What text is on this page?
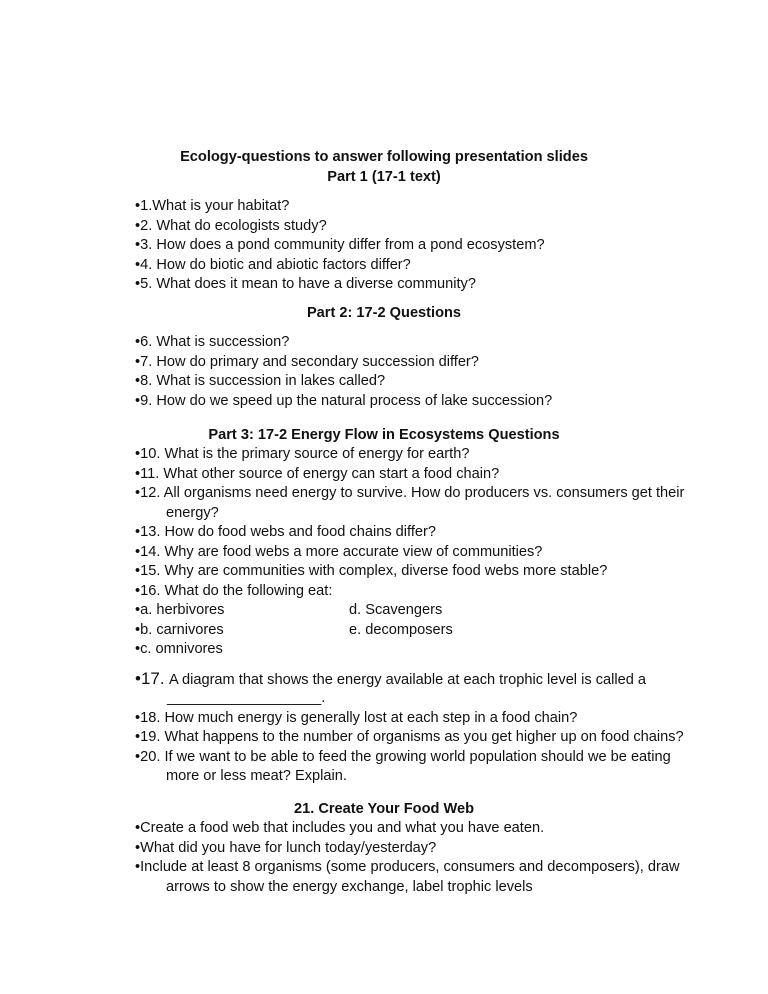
Ecology-questions to answer following presentation slides
Part 1 (17-1 text)
•1.What is your habitat?
•2. What do ecologists study?
•3. How does a pond community differ from a pond ecosystem?
•4. How do biotic and abiotic factors differ?
•5. What does it mean to have a diverse community?
Part 2: 17-2 Questions
•6. What is succession?
•7. How do primary and secondary succession differ?
•8. What is succession in lakes called?
•9. How do we speed up the natural process of lake succession?
Part 3: 17-2 Energy Flow in Ecosystems Questions
•10. What is the primary source of energy for earth?
•11. What other source of energy can start a food chain?
•12. All organisms need energy to survive. How do producers vs. consumers get their
energy?
•13. How do food webs and food chains differ?
•14. Why are food webs a more accurate view of communities?
•15. Why are communities with complex, diverse food webs more stable?
•16. What do the following eat:
•a. herbivores	d. Scavengers
•b. carnivores	e. decomposers
•c. omnivores
•17. A diagram that shows the energy available at each trophic level is called a
___________________.
•18. How much energy is generally lost at each step in a food chain?
•19. What happens to the number of organisms as you get higher up on food chains?
•20. If we want to be able to feed the growing world population should we be eating
more or less meat? Explain.
21. Create Your Food Web
•Create a food web that includes you and what you have eaten.
•What did you have for lunch today/yesterday?
•Include at least 8 organisms (some producers, consumers and decomposers), draw
arrows to show the energy exchange, label trophic levels
